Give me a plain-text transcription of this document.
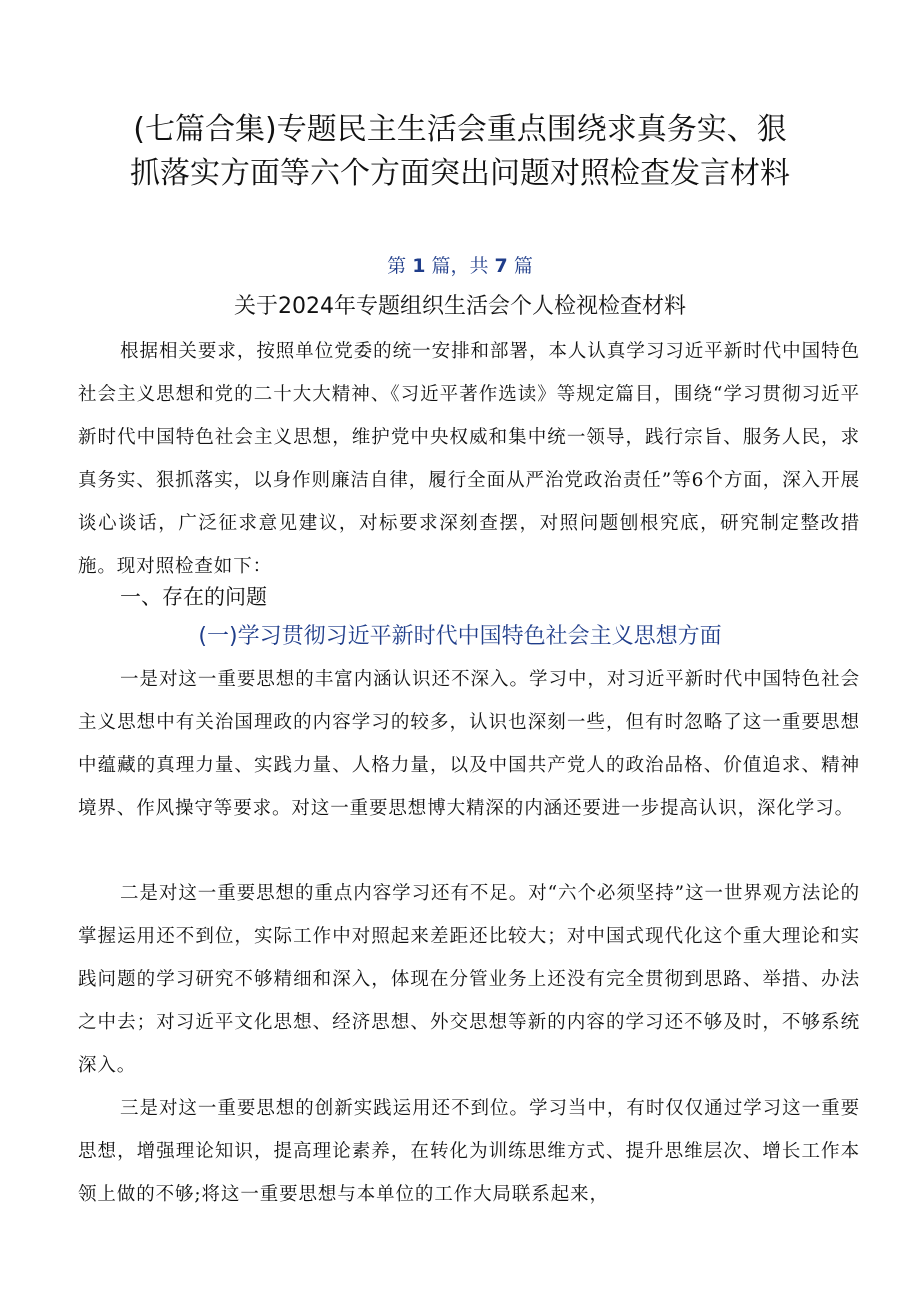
(七篇合集)专题民主生活会重点围绕求真务实、狠
抓落实方面等六个方面突出问题对照检查发言材料
第 1 篇，共 7 篇
关于2024年专题组织生活会个人检视检查材料

根据相关要求，按照单位党委的统一安排和部署，本人认真学习习近平新时代中国特色社会主义思想和党的二十大大精神、《习近平著作选读》等规定篇目，围绕“学习贯彻习近平新时代中国特色社会主义思想，维护党中央权威和集中统一领导，践行宗旨、服务人民，求真务实、狠抓落实，以身作则廉洁自律，履行全面从严治党政治责任”等6个方面，深入开展谈心谈话，广泛征求意见建议，对标要求深刻查摆，对照问题刨根究底，研究制定整改措施。现对照检查如下：

一、存在的问题
(一)学习贯彻习近平新时代中国特色社会主义思想方面

一是对这一重要思想的丰富内涵认识还不深入。学习中，对习近平新时代中国特色社会主义思想中有关治国理政的内容学习的较多，认识也深刻一些，但有时忽略了这一重要思想中蕴藏的真理力量、实践力量、人格力量，以及中国共产党人的政治品格、价值追求、精神境界、作风操守等要求。对这一重要思想博大精深的内涵还要进一步提高认识，深化学习。

二是对这一重要思想的重点内容学习还有不足。对“六个必须坚持”这一世界观方法论的掌握运用还不到位，实际工作中对照起来差距还比较大；对中国式现代化这个重大理论和实践问题的学习研究不够精细和深入，体现在分管业务上还没有完全贯彻到思路、举措、办法之中去；对习近平文化思想、经济思想、外交思想等新的内容的学习还不够及时，不够系统深入。

三是对这一重要思想的创新实践运用还不到位。学习当中，有时仅仅通过学习这一重要思想，增强理论知识，提高理论素养，在转化为训练思维方式、提升思维层次、增长工作本领上做的不够;将这一重要思想与本单位的工作大局联系起来，
